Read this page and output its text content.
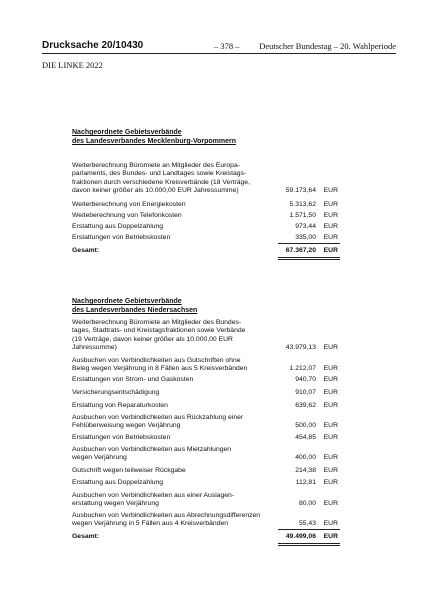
Drucksache 20/10430	– 378 – Deutscher Bundestag – 20. Wahlperiode
DIE LINKE 2022
Nachgeordnete Gebietsverbände
des Landesverbandes Mecklenburg-Vorpommern
Weiterberechnung Büromiete an Mitglieder des Europa-
parlaments, des Bundes- und Landtages sowie Kreistags-
fraktionen durch verschiedene Kreisverbände (18 Verträge,
davon keiner größer als 10.000,00 EUR Jahressumme)	59.173,64 EUR
Weiterberechnung von Energiekosten	5.313,62 EUR
Weiteberechnung von Telefonkosten	1.571,50 EUR
Erstattung aus Doppelzahlung	973,44 EUR
Erstattungen von Betriebskosten	335,00 EUR
Gesamt:	67.367,20 EUR
Nachgeordnete Gebietsverbände
des Landesverbandes Niedersachsen
Weiterberechnung Büromiete an Mitglieder des Bundes-
tages, Stadtrats- und Kreistagsfraktionen sowie Verbände
(19 Verträge, davon keiner größer als 10.000,00 EUR
Jahressumme)	43.979,13 EUR
Ausbuchen von Verbindlichkeiten aus Gutschriften ohne
Beleg wegen Verjährung in 8 Fällen aus 5 Kreisverbänden	1.212,07 EUR
Erstattungen von Strom- und Gaskosten	940,70 EUR
Versicherungsentschädigung	910,07 EUR
Erstattung von Reparaturkosten	639,62 EUR
Ausbuchen von Verbindlichkeiten aus Rückzahlung einer
Fehlüberweisung wegen Verjährung	500,00 EUR
Erstattungen von Betriebskosten	454,85 EUR
Ausbuchen von Verbindlichkeiten aus Mietzahlungen
wegen Verjährung	400,00 EUR
Gutschrift wegen teilweiser Rückgabe	214,38 EUR
Erstattung aus Doppelzahlung	112,81 EUR
Ausbuchen von Verbindlichkeiten aus einer Auslagen-
erstattung wegen Verjährung	80,00 EUR
Ausbuchen von Verbindlichkeiten aus Abrechnungsdifferenzen
wegen Verjährung in 5 Fällen aus 4 Kreisverbänden	55,43 EUR
Gesamt:	49.499,06 EUR
